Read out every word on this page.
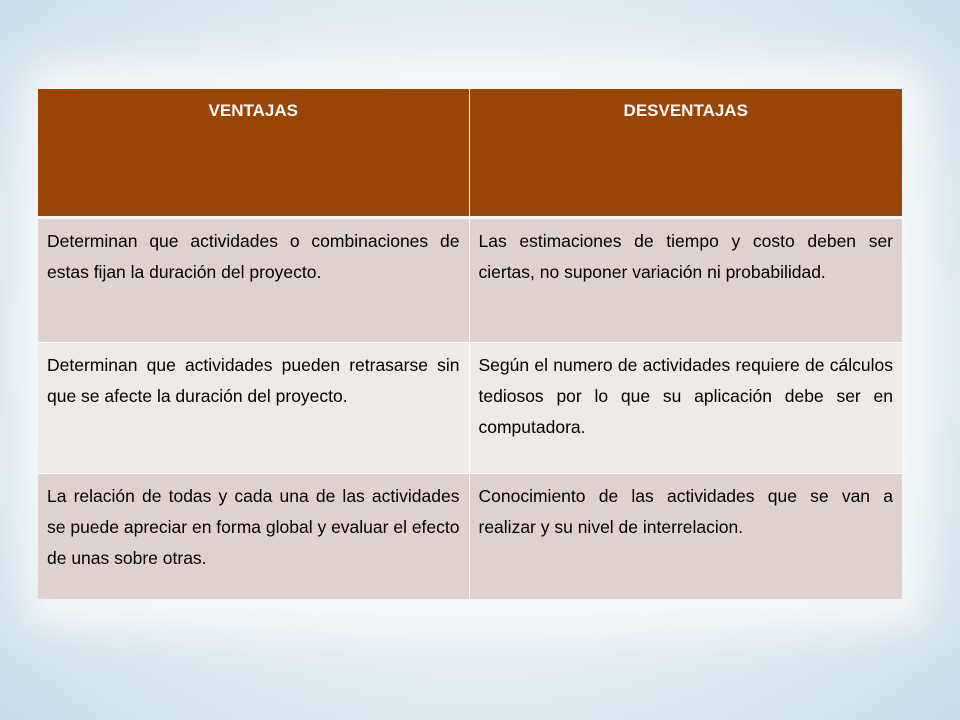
VENTAJAS	DESVENTAJAS
Determinan que actividades o combinaciones de estas fijan la duración del proyecto.	Las estimaciones de tiempo y costo deben ser ciertas, no suponer variación ni probabilidad.
Determinan que actividades pueden retrasarse sin que se afecte la duración del proyecto.	Según el numero de actividades requiere de cálculos tediosos por lo que su aplicación debe ser en computadora.
La relación de todas y cada una de las actividades se puede apreciar en forma global y evaluar el efecto de unas sobre otras.	Conocimiento de las actividades que se van a realizar y su nivel de interrelacion.
